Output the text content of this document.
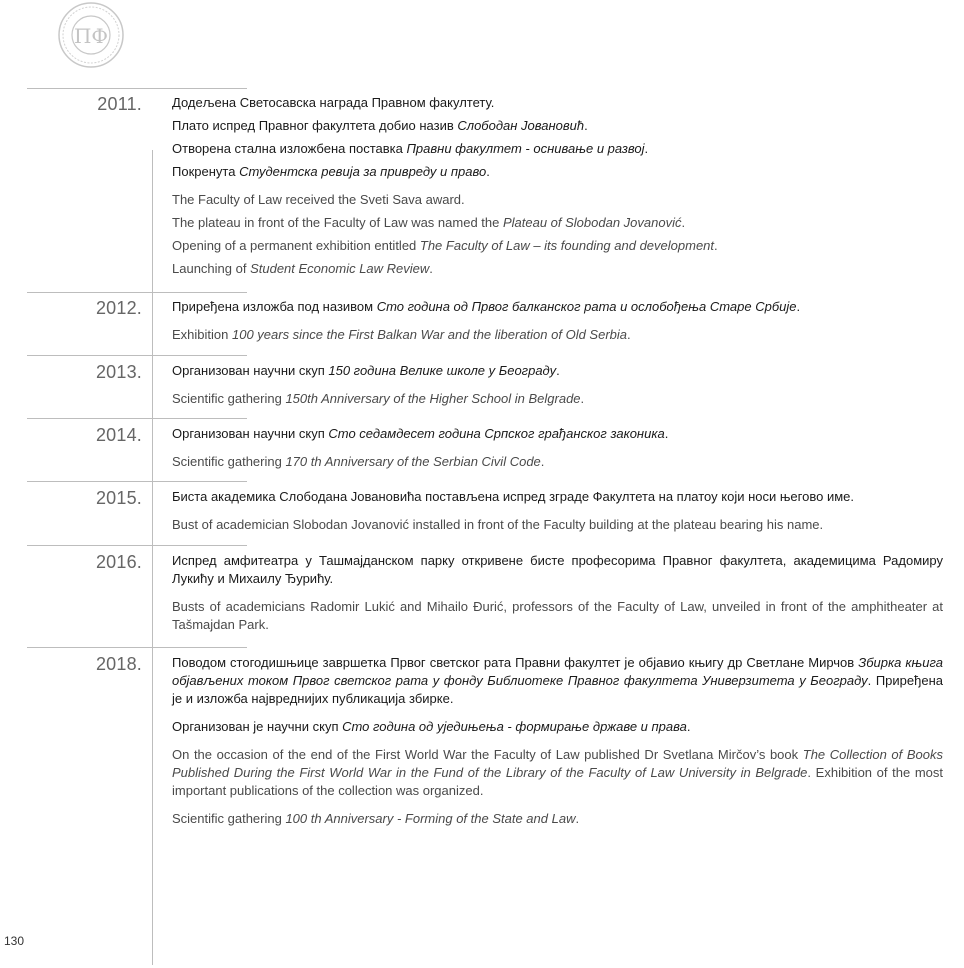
ПФ
2011. Додељена Светосавска награда Правном факултету.

Плато испред Правног факултета добио назив Слободан Јовановић.

Отворена стална изложбена поставка Правни факултет - оснивање и развој.

Покренута Студентска ревија за привреду и право.

The Faculty of Law received the Sveti Sava award.

The plateau in front of the Faculty of Law was named the Plateau of Slobodan Jovanović.

Opening of a permanent exhibition entitled The Faculty of Law – its founding and development.

Launching of Student Economic Law Review.

2012. Приређена изложба под називом Сто година од Првог балканског рата и ослобођења Старе Србије.

Exhibition 100 years since the First Balkan War and the liberation of Old Serbia.

2013. Организован научни скуп 150 година Велике школе у Београду.

Scientific gathering 150th Anniversary of the Higher School in Belgrade.

2014. Организован научни скуп Сто седамдесет година Српског грађанског законика.

Scientific gathering 170 th Anniversary of the Serbian Civil Code.

2015. Биста академика Слободана Јовановића постављена испред зграде Факултета на платоу који носи његово име.

Bust of academician Slobodan Jovanović installed in front of the Faculty building at the plateau bearing his name.

2016. Испред амфитеатра у Ташмајданском парку откривене бисте професорима Правног факултета, академицима Радомиру Лукићу и Михаилу Ђурићу.

Busts of academicians Radomir Lukić and Mihailo Đurić, professors of the Faculty of Law, unveiled in front of the amphitheater at Tašmajdan Park.

2018. Поводом стогодишњице завршетка Првог светског рата Правни факултет је објавио књигу др Светлане Мирчов Збирка књига објављених током Првог светског рата у фонду Библиотеке Правног факултета Универзитета у Београду. Приређена је и изложба највреднијих публикација збирке.

Организован је научни скуп Сто година од уједињења - формирање државе и права.

On the occasion of the end of the First World War the Faculty of Law published Dr Svetlana Mirčov’s book The Collection of Books Published During the First World War in the Fund of the Library of the Faculty of Law University in Belgrade. Exhibition of the most important publications of the collection was organized.

Scientific gathering 100 th Anniversary - Forming of the State and Law.

130
